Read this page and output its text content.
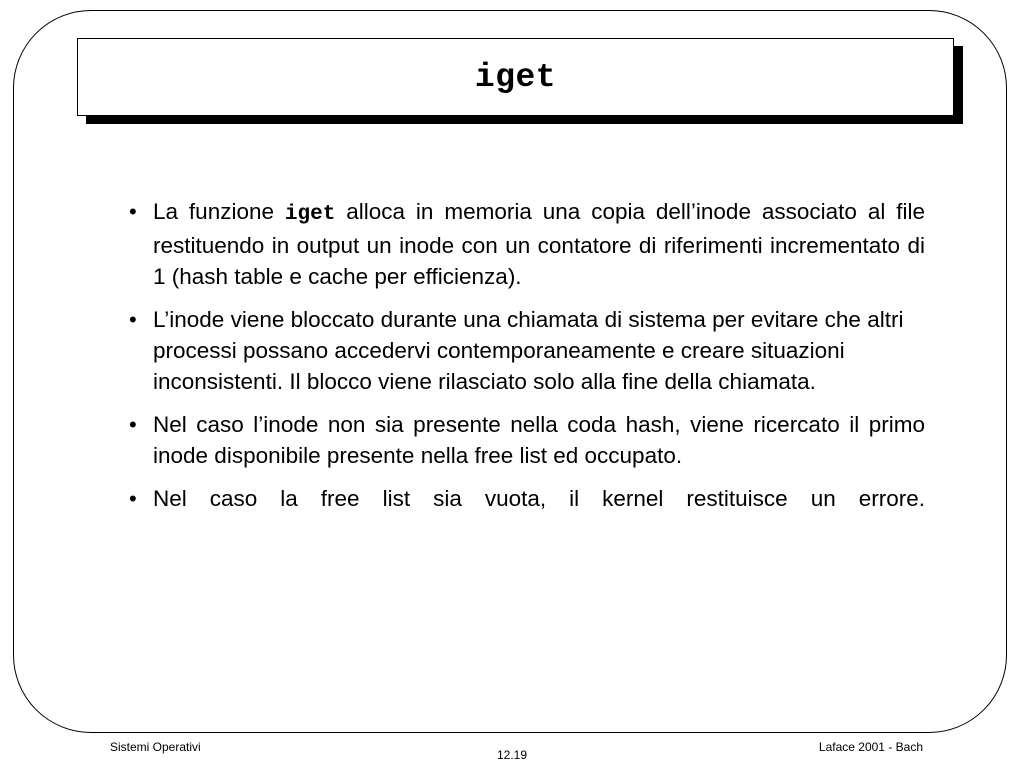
iget
• La funzione iget alloca in memoria una copia dell’inode associato al file restituendo in output un inode con un contatore di riferimenti incrementato di 1 (hash table e cache per efficienza).
• L’inode viene bloccato durante una chiamata di sistema per evitare che altri processi possano accedervi contemporaneamente e creare situazioni inconsistenti. Il blocco viene rilasciato solo alla fine della chiamata.
• Nel caso l’inode non sia presente nella coda hash, viene ricercato il primo inode disponibile presente nella free list ed occupato.
• Nel caso la free list sia vuota, il kernel restituisce un errore.
Sistemi Operativi
12.19
Laface 2001 - Bach
